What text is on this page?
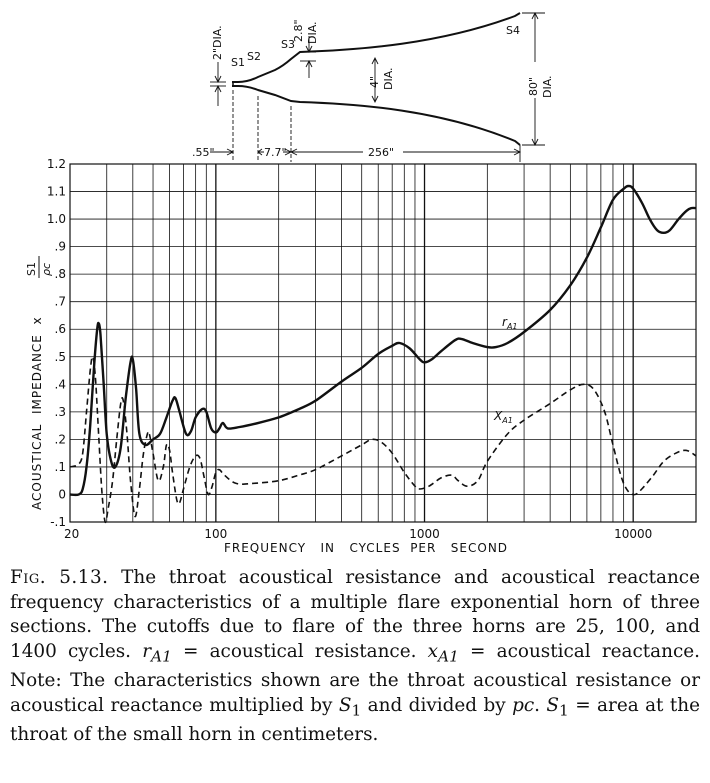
S1 S2
S3
S4
2"DIA.	2.8" DIA.
4" DIA.	80" DIA.
.55"	7.7"	256"
20	100	1000	10000
-.1
0
.1
.2
.3
.4
.5
.6
.7
.8
.9
1.0
1.1
1.2
$r_{A1}$
$X_{A1}$
FREQUENCY   IN   CYCLES  PER   SECOND
ACOUSTICAL  IMPEDANCE  x
S1 ρc
Fig. 5.13. The throat acoustical resistance and acoustical reactance frequency characteristics of a multiple flare exponential horn of three sections. The cutoffs due to flare of the three horns are 25, 100, and 1400 cycles. $r_{A1}$ = acoustical resistance. $x_{A1}$ = acoustical reactance. Note: The characteristics shown are the throat acoustical resistance or acoustical reactance multiplied by $S_1$ and divided by pc. $S_1$ = area at the throat of the small horn in centimeters.
